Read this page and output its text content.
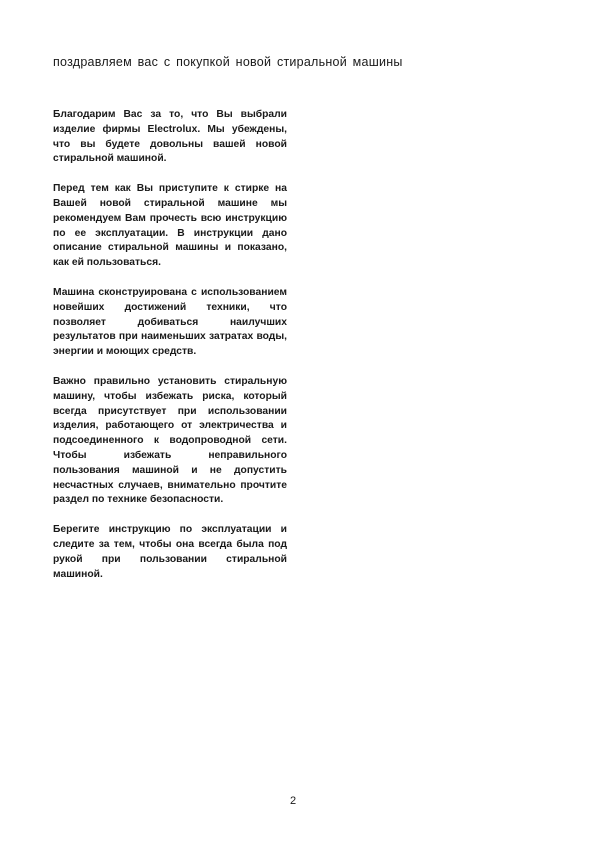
поздравляем вас с покупкой новой стиральной машины

Благодарим Вас за то, что Вы выбрали изделие фирмы Electrolux. Мы убеждены, что вы будете довольны вашей новой стиральной машиной.

Перед тем как Вы приступите к стирке на Вашей новой стиральной машине мы рекомендуем Вам прочесть всю инструкцию по ее эксплуатации. В инструкции дано описание стиральной машины и показано, как ей пользоваться.

Машина сконструирована с использованием новейших достижений техники, что позволяет добиваться наилучших результатов при наименьших затратах воды, энергии и моющих средств.

Важно правильно установить стиральную машину, чтобы избежать риска, который всегда присутствует при использовании изделия, работающего от электричества и подсоединенного к водопроводной сети. Чтобы избежать неправильного пользования машиной и не допустить несчастных случаев, внимательно прочтите раздел по технике безопасности.

Берегите инструкцию по эксплуатации и следите за тем, чтобы она всегда была под рукой при пользовании стиральной машиной.

2
